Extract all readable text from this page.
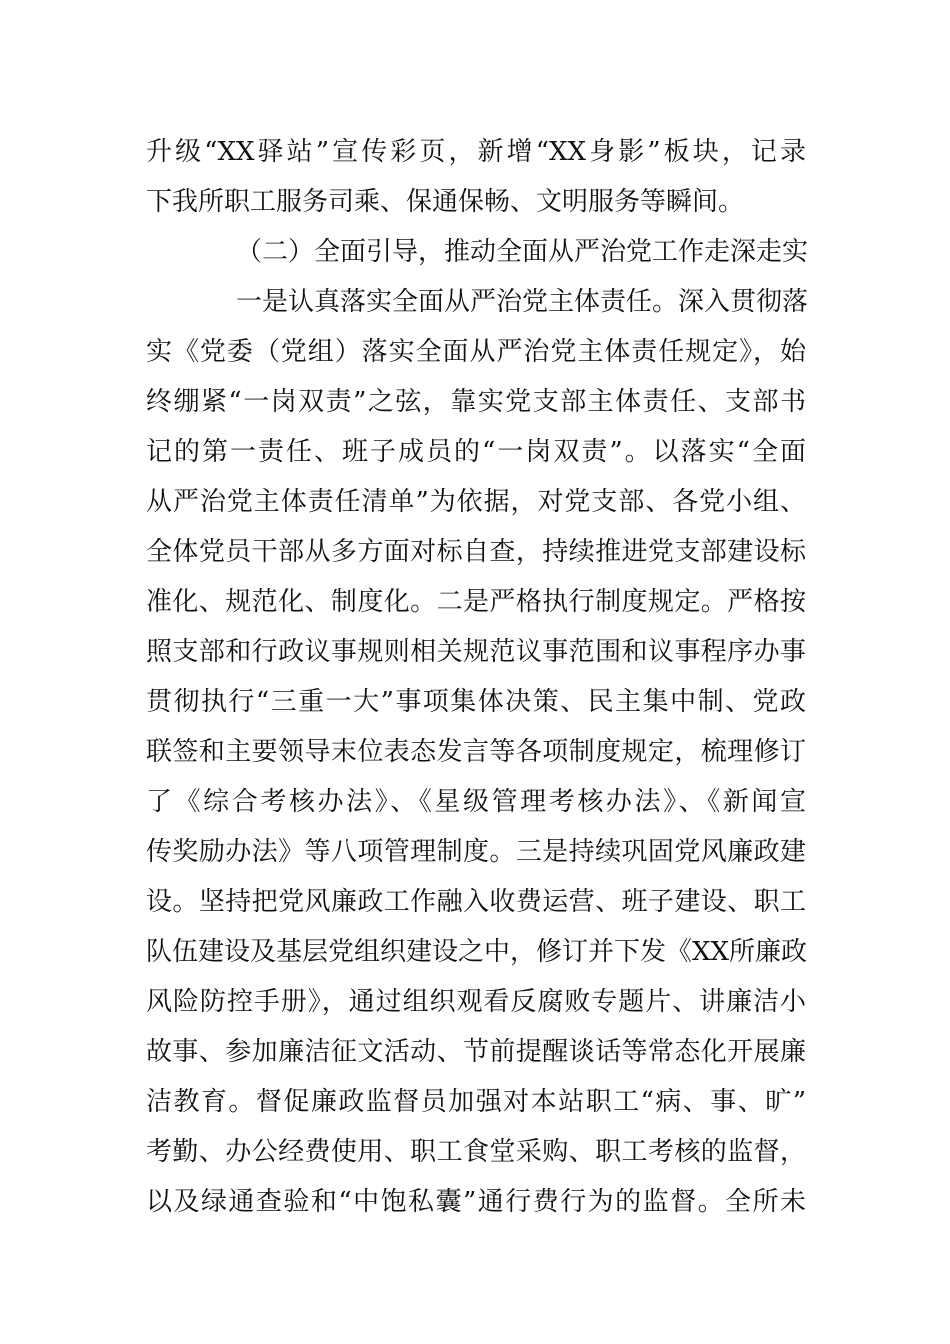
升级“XX驿站”宣传彩页，新增“XX身影”板块，记录
下我所职工服务司乘、保通保畅、文明服务等瞬间。
（二）全面引导，推动全面从严治党工作走深走实
一是认真落实全面从严治党主体责任。深入贯彻落
实《党委（党组）落实全面从严治党主体责任规定》，始
终绷紧“一岗双责”之弦，靠实党支部主体责任、支部书
记的第一责任、班子成员的“一岗双责”。以落实“全面
从严治党主体责任清单”为依据，对党支部、各党小组、
全体党员干部从多方面对标自查，持续推进党支部建设标
准化、规范化、制度化。二是严格执行制度规定。严格按
照支部和行政议事规则相关规范议事范围和议事程序办事
贯彻执行“三重一大”事项集体决策、民主集中制、党政
联签和主要领导末位表态发言等各项制度规定，梳理修订
了《综合考核办法》、《星级管理考核办法》、《新闻宣
传奖励办法》等八项管理制度。三是持续巩固党风廉政建
设。坚持把党风廉政工作融入收费运营、班子建设、职工
队伍建设及基层党组织建设之中，修订并下发《XX所廉政
风险防控手册》，通过组织观看反腐败专题片、讲廉洁小
故事、参加廉洁征文活动、节前提醒谈话等常态化开展廉
洁教育。督促廉政监督员加强对本站职工“病、事、旷”
考勤、办公经费使用、职工食堂采购、职工考核的监督，
以及绿通查验和“中饱私囊”通行费行为的监督。全所未
